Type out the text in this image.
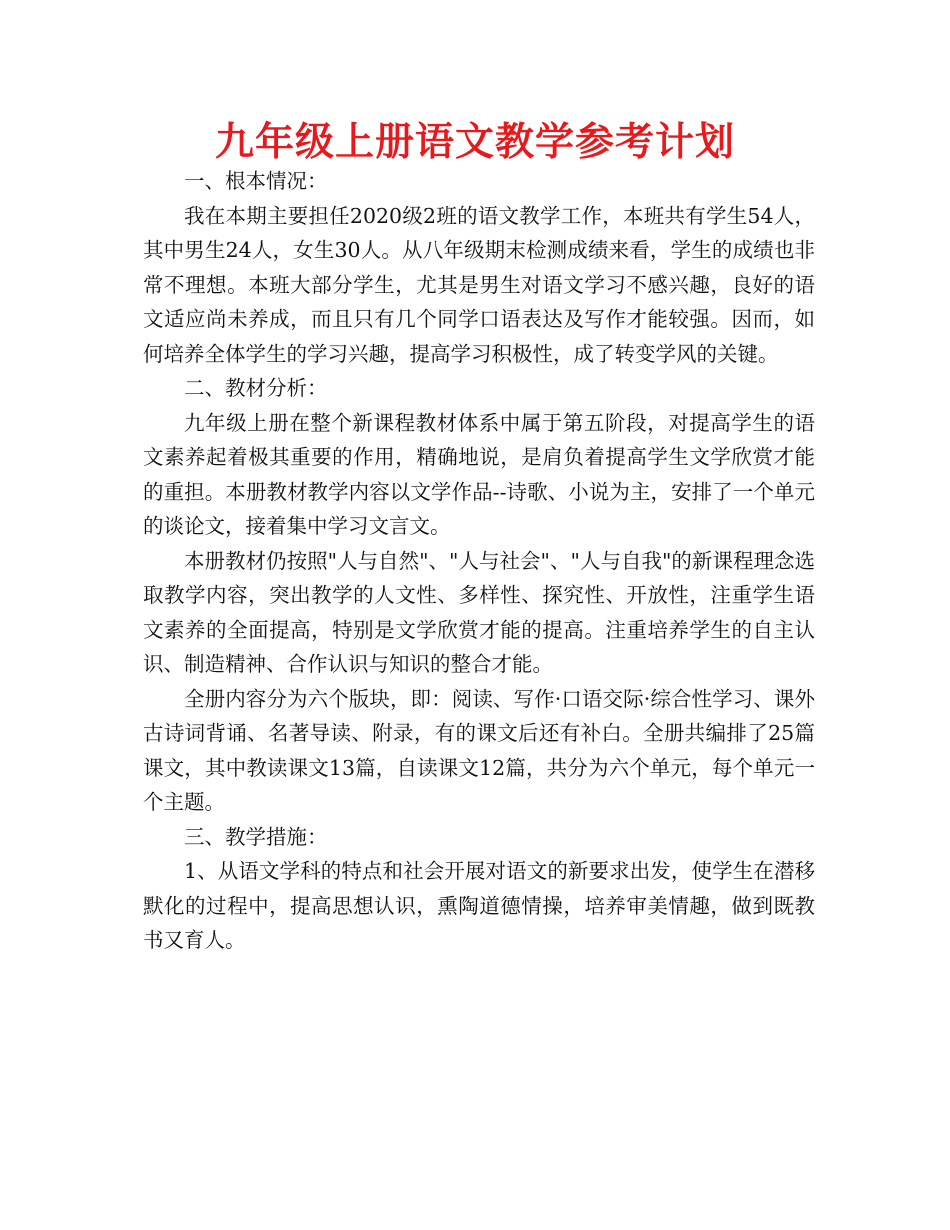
九年级上册语文教学参考计划

一、根本情况：

我在本期主要担任2020级2班的语文教学工作，本班共有学生54人，其中男生24人，女生30人。从八年级期末检测成绩来看，学生的成绩也非常不理想。本班大部分学生，尤其是男生对语文学习不感兴趣，良好的语文适应尚未养成，而且只有几个同学口语表达及写作才能较强。因而，如何培养全体学生的学习兴趣，提高学习积极性，成了转变学风的关键。

二、教材分析：

九年级上册在整个新课程教材体系中属于第五阶段，对提高学生的语文素养起着极其重要的作用，精确地说，是肩负着提高学生文学欣赏才能的重担。本册教材教学内容以文学作品--诗歌、小说为主，安排了一个单元的谈论文，接着集中学习文言文。

本册教材仍按照"人与自然"、"人与社会"、"人与自我"的新课程理念选取教学内容，突出教学的人文性、多样性、探究性、开放性，注重学生语文素养的全面提高，特别是文学欣赏才能的提高。注重培养学生的自主认识、制造精神、合作认识与知识的整合才能。

全册内容分为六个版块，即：阅读、写作·口语交际·综合性学习、课外古诗词背诵、名著导读、附录，有的课文后还有补白。全册共编排了25篇课文，其中教读课文13篇，自读课文12篇，共分为六个单元，每个单元一个主题。

三、教学措施：

1、从语文学科的特点和社会开展对语文的新要求出发，使学生在潜移默化的过程中，提高思想认识，熏陶道德情操，培养审美情趣，做到既教书又育人。
